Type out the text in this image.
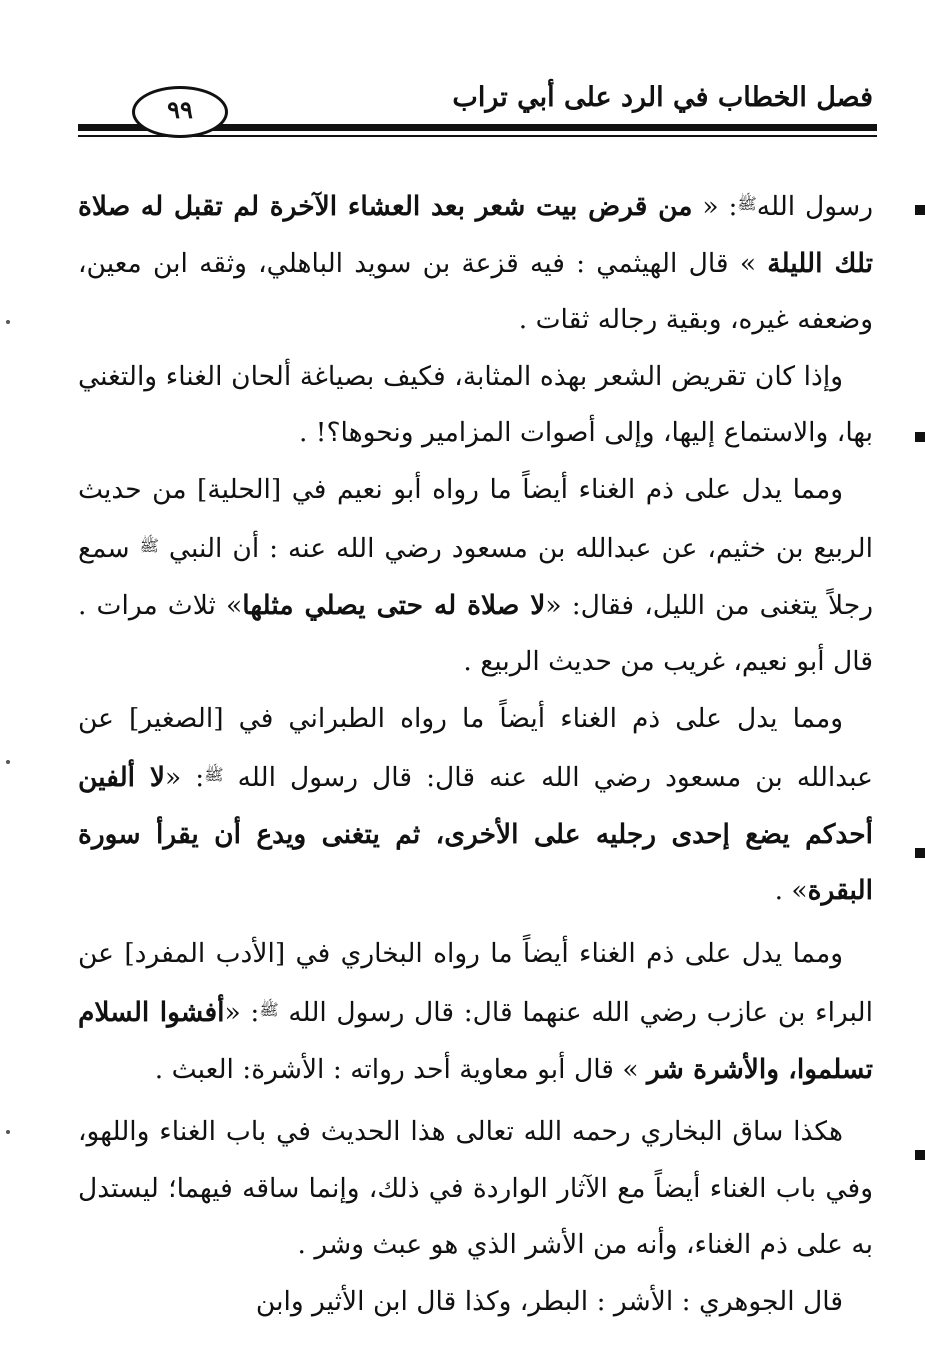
فصل الخطاب في الرد على أبي تراب
٩٩

رسول الله$^ﷺ$: « من قرض بيت شعر بعد العشاء الآخرة لم تقبل له صلاة تلك الليلة » قال الهيثمي : فيه قزعة بن سويد الباهلي، وثقه ابن معين، وضعفه غيره، وبقية رجاله ثقات .

وإذا كان تقريض الشعر بهذه المثابة، فكيف بصياغة ألحان الغناء والتغني بها، والاستماع إليها، وإلى أصوات المزامير ونحوها؟! .

ومما يدل على ذم الغناء أيضاً ما رواه أبو نعيم في [الحلية] من حديث الربيع بن خثيم، عن عبدالله بن مسعود رضي الله عنه : أن النبي $^ﷺ$ سمع رجلاً يتغنى من الليل، فقال: «لا صلاة له حتى يصلي مثلها» ثلاث مرات . قال أبو نعيم، غريب من حديث الربيع .

ومما يدل على ذم الغناء أيضاً ما رواه الطبراني في [الصغير] عن عبدالله بن مسعود رضي الله عنه قال: قال رسول الله $^ﷺ$: «لا ألفين أحدكم يضع إحدى رجليه على الأخرى، ثم يتغنى ويدع أن يقرأ سورة البقرة» .

ومما يدل على ذم الغناء أيضاً ما رواه البخاري في [الأدب المفرد] عن البراء بن عازب رضي الله عنهما قال: قال رسول الله $^ﷺ$: «أفشوا السلام تسلموا، والأشرة شر » قال أبو معاوية أحد رواته : الأشرة: العبث .

هكذا ساق البخاري رحمه الله تعالى هذا الحديث في باب الغناء واللهو، وفي باب الغناء أيضاً مع الآثار الواردة في ذلك، وإنما ساقه فيهما؛ ليستدل به على ذم الغناء، وأنه من الأشر الذي هو عبث وشر .

قال الجوهري : الأشر : البطر، وكذا قال ابن الأثير وابن
